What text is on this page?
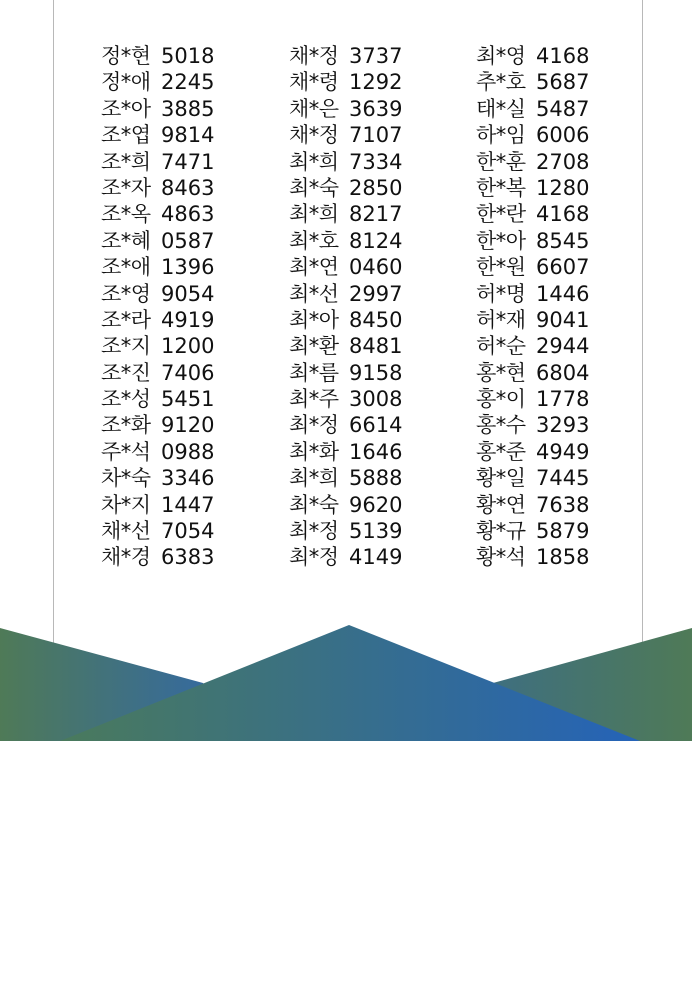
정*현 5018
정*애 2245
조*아 3885
조*엽 9814
조*희 7471
조*자 8463
조*옥 4863
조*혜 0587
조*애 1396
조*영 9054
조*라 4919
조*지 1200
조*진 7406
조*성 5451
조*화 9120
주*석 0988
차*숙 3346
차*지 1447
채*선 7054
채*경 6383
채*정 3737
채*령 1292
채*은 3639
채*정 7107
최*희 7334
최*숙 2850
최*희 8217
최*호 8124
최*연 0460
최*선 2997
최*아 8450
최*환 8481
최*름 9158
최*주 3008
최*정 6614
최*화 1646
최*희 5888
최*숙 9620
최*정 5139
최*정 4149
최*영 4168
추*호 5687
태*실 5487
하*임 6006
한*훈 2708
한*복 1280
한*란 4168
한*아 8545
한*원 6607
허*명 1446
허*재 9041
허*순 2944
홍*현 6804
홍*이 1778
홍*수 3293
홍*준 4949
황*일 7445
황*연 7638
황*규 5879
황*석 1858
